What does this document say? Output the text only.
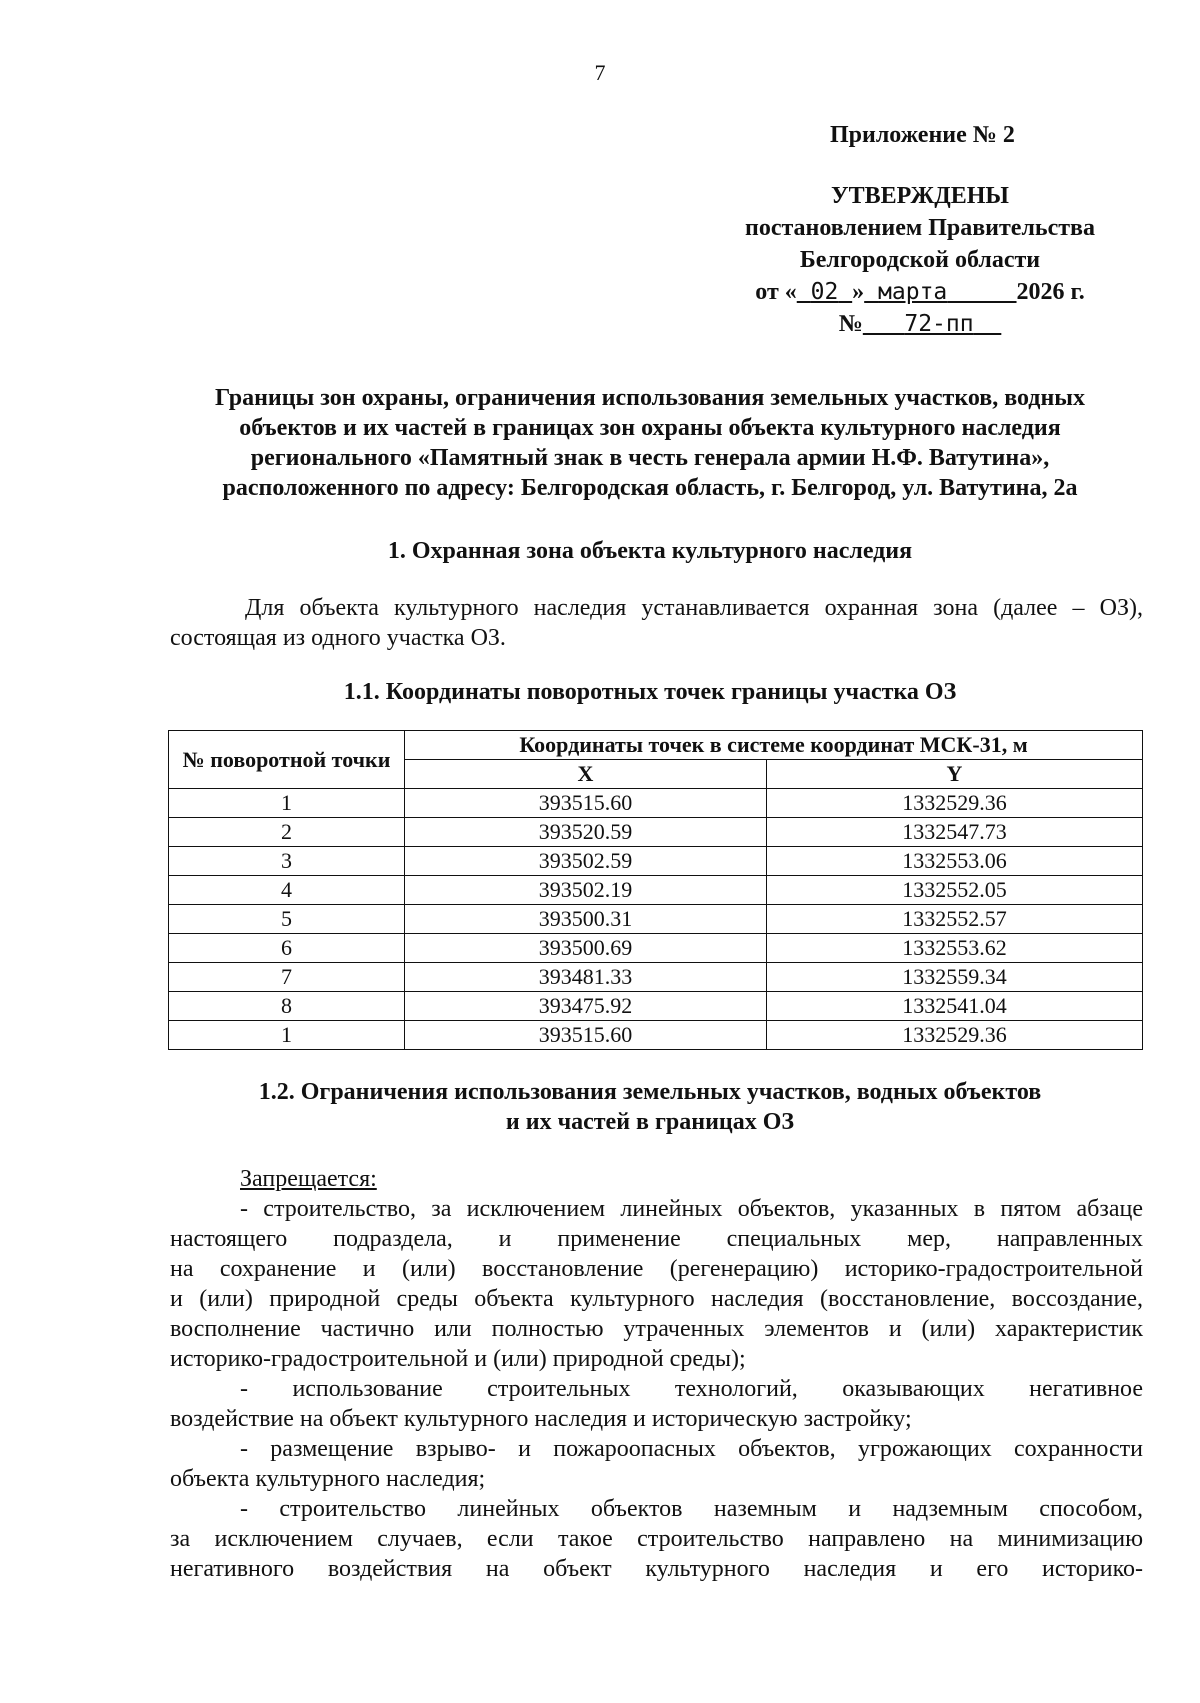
7
Приложение № 2
УТВЕРЖДЕНЫ
постановлением Правительства
Белгородской области
от « 02 » марта	2026 г.
№ 72-пп
Границы зон охраны, ограничения использования земельных участков, водных
объектов и их частей в границах зон охраны объекта культурного наследия
регионального «Памятный знак в честь генерала армии Н.Ф. Ватутина»,
расположенного по адресу: Белгородская область, г. Белгород, ул. Ватутина, 2а
1. Охранная зона объекта культурного наследия
Для объекта культурного наследия устанавливается охранная зона (далее – ОЗ),
состоящая из одного участка ОЗ.
1.1. Координаты поворотных точек границы участка ОЗ
№ поворотной точки	Координаты точек в системе координат МСК-31, м	
	X	Y
1	393515.60	1332529.36
2	393520.59	1332547.73
3	393502.59	1332553.06
4	393502.19	1332552.05
5	393500.31	1332552.57
6	393500.69	1332553.62
7	393481.33	1332559.34
8	393475.92	1332541.04
1	393515.60	1332529.36
1.2. Ограничения использования земельных участков, водных объектов
и их частей в границах ОЗ
Запрещается:
- строительство, за исключением линейных объектов, указанных в пятом абзаце
настоящего подраздела, и применение специальных мер, направленных
на сохранение и (или) восстановление (регенерацию) историко-градостроительной
и (или) природной среды объекта культурного наследия (восстановление, воссоздание,
восполнение частично или полностью утраченных элементов и (или) характеристик
историко-градостроительной и (или) природной среды);
- использование строительных технологий, оказывающих негативное
воздействие на объект культурного наследия и историческую застройку;
- размещение взрыво- и пожароопасных объектов, угрожающих сохранности
объекта культурного наследия;
- строительство линейных объектов наземным и надземным способом,
за исключением случаев, если такое строительство направлено на минимизацию
негативного воздействия на объект культурного наследия и его историко-
